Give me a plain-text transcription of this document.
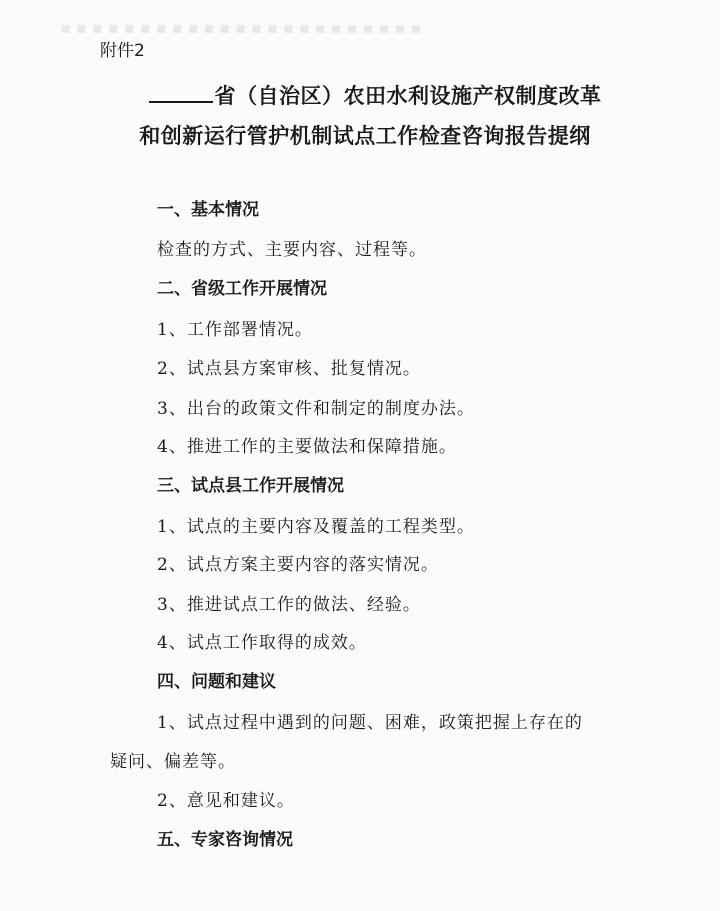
▪ ▪ ▪ ▪ ▪ ▪ ▪ ▪ ▪ ▪ ▪ ▪ ▪ ▪ ▪ ▪ ▪ ▪ ▪ ▪ ▪ ▪ ▪
附件2
省（自治区）农田水利设施产权制度改革
和创新运行管护机制试点工作检查咨询报告提纲
一、基本情况
检查的方式、主要内容、过程等。
二、省级工作开展情况
1、工作部署情况。
2、试点县方案审核、批复情况。
3、出台的政策文件和制定的制度办法。
4、推进工作的主要做法和保障措施。
三、试点县工作开展情况
1、试点的主要内容及覆盖的工程类型。
2、试点方案主要内容的落实情况。
3、推进试点工作的做法、经验。
4、试点工作取得的成效。
四、问题和建议
1、试点过程中遇到的问题、困难，政策把握上存在的
疑问、偏差等。
2、意见和建议。
五、专家咨询情况
